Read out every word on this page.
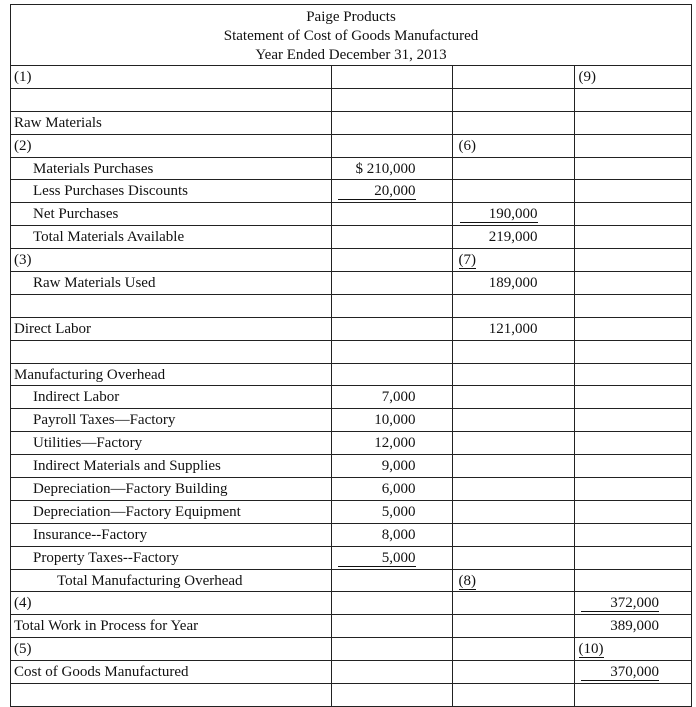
Paige Products
Statement of Cost of Goods Manufactured
Year Ended December 31, 2013
(1)			(9)

Raw Materials			
(2)		(6)	
Materials Purchases	$ 210,000		
Less Purchases Discounts	20,000		
Net Purchases		190,000	
Total Materials Available		219,000	
(3)		(7)	
Raw Materials Used		189,000	

Direct Labor		121,000	

Manufacturing Overhead			
Indirect Labor	7,000		
Payroll Taxes—Factory	10,000		
Utilities—Factory	12,000		
Indirect Materials and Supplies	9,000		
Depreciation—Factory Building	6,000		
Depreciation—Factory Equipment	5,000		
Insurance--Factory	8,000		
Property Taxes--Factory	5,000		
Total Manufacturing Overhead		(8)	
(4)			372,000
Total Work in Process for Year			389,000
(5)			(10)
Cost of Goods Manufactured			370,000
